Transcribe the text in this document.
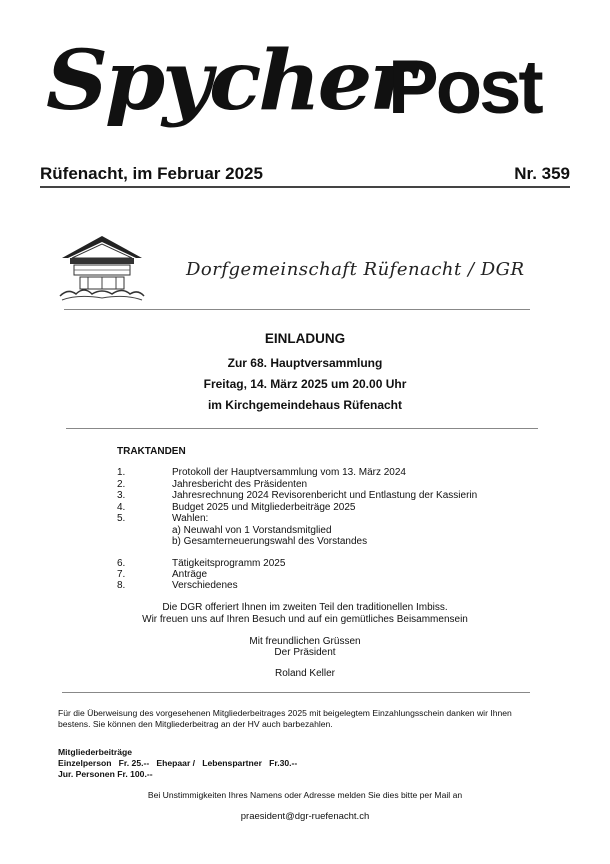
Spycher
Post
Rüfenacht, im Februar 2025	Nr. 359
Dorfgemeinschaft Rüfenacht / DGR
EINLADUNG
Zur 68. Hauptversammlung
Freitag, 14. März 2025 um 20.00 Uhr
im Kirchgemeindehaus Rüfenacht
TRAKTANDEN
1.	Protokoll der Hauptversammlung vom 13. März 2024
2.	Jahresbericht des Präsidenten
3.	Jahresrechnung 2024 Revisorenbericht und Entlastung der Kassierin
4.	Budget 2025 und Mitgliederbeiträge 2025
5.	Wahlen:
a) Neuwahl von 1 Vorstandsmitglied
b) Gesamterneuerungswahl des Vorstandes
6.	Tätigkeitsprogramm 2025
7.	Anträge
8.	Verschiedenes
Die DGR offeriert Ihnen im zweiten Teil den traditionellen Imbiss.
Wir freuen uns auf Ihren Besuch und auf ein gemütliches Beisammensein
Mit freundlichen Grüssen
Der Präsident
Roland Keller
Für die Überweisung des vorgesehenen Mitgliederbeitrages 2025 mit beigelegtem Einzahlungsschein danken wir Ihnen bestens. Sie können den Mitgliederbeitrag an der HV auch barbezahlen.
Mitgliederbeiträge
Einzelperson   Fr. 25.--   Ehepaar /   Lebenspartner   Fr.30.--
Jur. Personen Fr. 100.--
Bei Unstimmigkeiten Ihres Namens oder Adresse melden Sie dies bitte per Mail an
praesident@dgr-ruefenacht.ch
